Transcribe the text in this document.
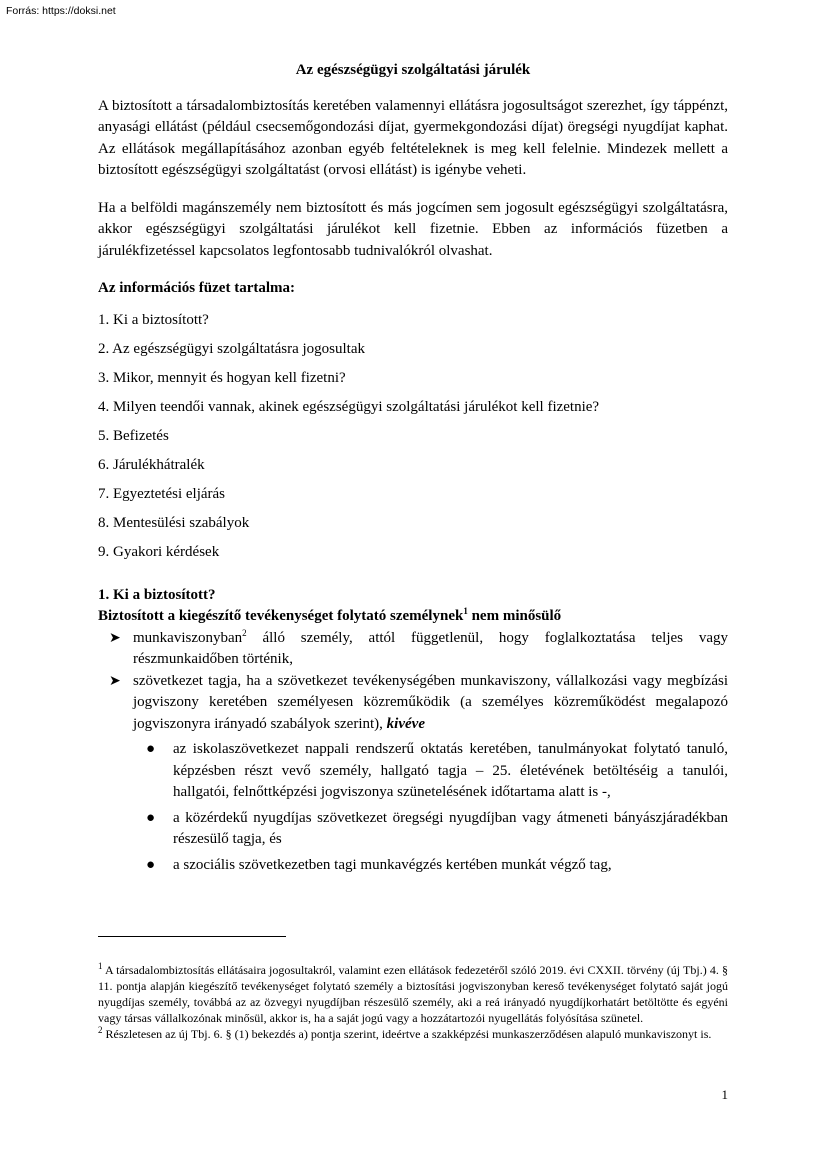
Forrás: https://doksi.net

Az egészségügyi szolgáltatási járulék

A biztosított a társadalombiztosítás keretében valamennyi ellátásra jogosultságot szerezhet, így táppénzt, anyasági ellátást (például csecsemőgondozási díjat, gyermekgondozási díjat) öregségi nyugdíjat kaphat. Az ellátások megállapításához azonban egyéb feltételeknek is meg kell felelnie. Mindezek mellett a biztosított egészségügyi szolgáltatást (orvosi ellátást) is igénybe veheti.

Ha a belföldi magánszemély nem biztosított és más jogcímen sem jogosult egészségügyi szolgáltatásra, akkor egészségügyi szolgáltatási járulékot kell fizetnie. Ebben az információs füzetben a járulékfizetéssel kapcsolatos legfontosabb tudnivalókról olvashat.

Az információs füzet tartalma:

1. Ki a biztosított?
2. Az egészségügyi szolgáltatásra jogosultak
3. Mikor, mennyit és hogyan kell fizetni?
4. Milyen teendői vannak, akinek egészségügyi szolgáltatási járulékot kell fizetnie?
5. Befizetés
6. Járulékhátralék
7. Egyeztetési eljárás
8. Mentesülési szabályok
9. Gyakori kérdések

1. Ki a biztosított?

Biztosított a kiegészítő tevékenységet folytató személynek$^1$ nem minősülő

➤ munkaviszonyban$^2$ álló személy, attól függetlenül, hogy foglalkoztatása teljes vagy részmunkaidőben történik,
➤ szövetkezet tagja, ha a szövetkezet tevékenységében munkaviszony, vállalkozási vagy megbízási jogviszony keretében személyesen közreműködik (a személyes közreműködést megalapozó jogviszonyra irányadó szabályok szerint), kivéve
● az iskolaszövetkezet nappali rendszerű oktatás keretében, tanulmányokat folytató tanuló, képzésben részt vevő személy, hallgató tagja – 25. életévének betöltéséig a tanulói, hallgatói, felnőttképzési jogviszonya szünetelésének időtartama alatt is -,
● a közérdekű nyugdíjas szövetkezet öregségi nyugdíjban vagy átmeneti bányászjáradékban részesülő tagja, és
● a szociális szövetkezetben tagi munkavégzés kertében munkát végző tag,

$^1$ A társadalombiztosítás ellátásaira jogosultakról, valamint ezen ellátások fedezetéről szóló 2019. évi CXXII. törvény (új Tbj.) 4. § 11. pontja alapján kiegészítő tevékenységet folytató személy a biztosítási jogviszonyban kereső tevékenységet folytató saját jogú nyugdíjas személy, továbbá az az özvegyi nyugdíjban részesülő személy, aki a reá irányadó nyugdíjkorhatárt betöltötte és egyéni vagy társas vállalkozónak minősül, akkor is, ha a saját jogú vagy a hozzátartozói nyugellátás folyósítása szünetel.

$^2$ Részletesen az új Tbj. 6. § (1) bekezdés a) pontja szerint, ideértve a szakképzési munkaszerződésen alapuló munkaviszonyt is.

1
